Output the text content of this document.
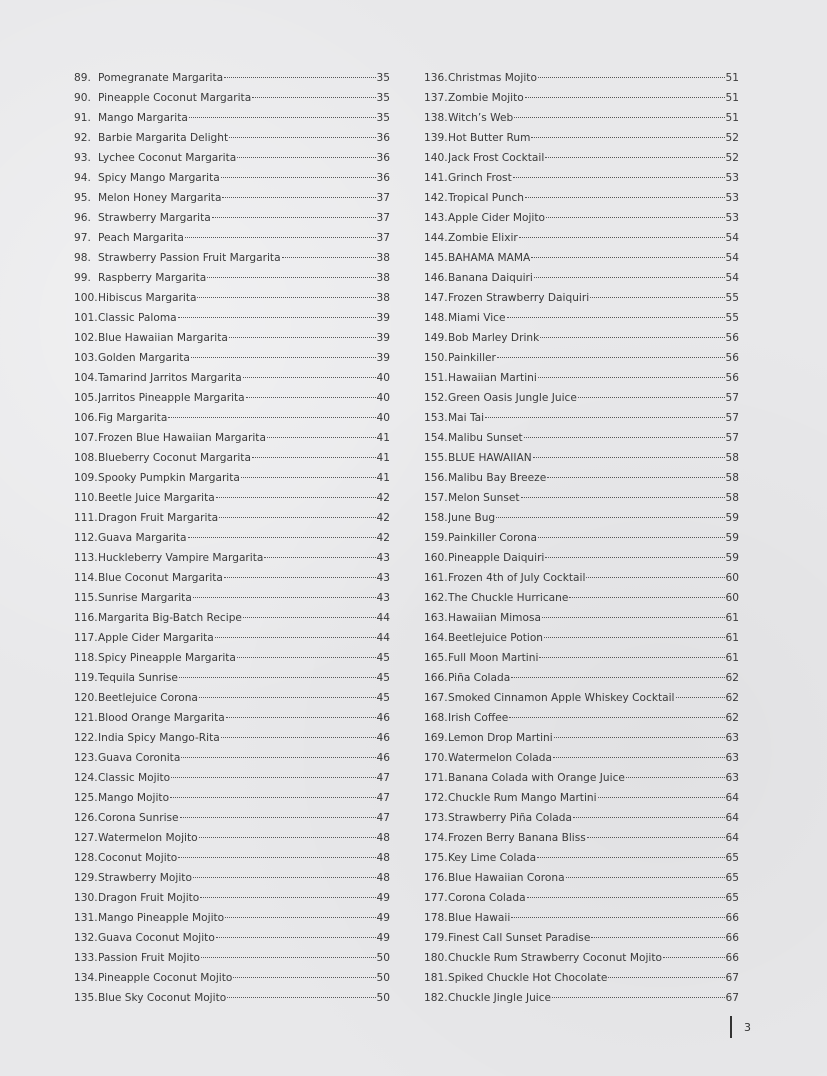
89. Pomegranate Margarita	35
90. Pineapple Coconut Margarita	35
91. Mango Margarita	35
92. Barbie Margarita Delight	36
93. Lychee Coconut Margarita	36
94. Spicy Mango Margarita	36
95. Melon Honey Margarita	37
96. Strawberry Margarita	37
97. Peach Margarita	37
98. Strawberry Passion Fruit Margarita	38
99. Raspberry Margarita	38
100. Hibiscus Margarita	38
101. Classic Paloma	39
102. Blue Hawaiian Margarita	39
103. Golden Margarita	39
104. Tamarind Jarritos Margarita	40
105. Jarritos Pineapple Margarita	40
106. Fig Margarita	40
107. Frozen Blue Hawaiian Margarita	41
108. Blueberry Coconut Margarita	41
109. Spooky Pumpkin Margarita	41
110. Beetle Juice Margarita	42
111. Dragon Fruit Margarita	42
112. Guava Margarita	42
113. Huckleberry Vampire Margarita	43
114. Blue Coconut Margarita	43
115. Sunrise Margarita	43
116. Margarita Big-Batch Recipe	44
117. Apple Cider Margarita	44
118. Spicy Pineapple Margarita	45
119. Tequila Sunrise	45
120. Beetlejuice Corona	45
121. Blood Orange Margarita	46
122. India Spicy Mango-Rita	46
123. Guava Coronita	46
124. Classic Mojito	47
125. Mango Mojito	47
126. Corona Sunrise	47
127. Watermelon Mojito	48
128. Coconut Mojito	48
129. Strawberry Mojito	48
130. Dragon Fruit Mojito	49
131. Mango Pineapple Mojito	49
132. Guava Coconut Mojito	49
133. Passion Fruit Mojito	50
134. Pineapple Coconut Mojito	50
135. Blue Sky Coconut Mojito	50
136. Christmas Mojito	51
137. Zombie Mojito	51
138. Witch’s Web	51
139. Hot Butter Rum	52
140. Jack Frost Cocktail	52
141. Grinch Frost	53
142. Tropical Punch	53
143. Apple Cider Mojito	53
144. Zombie Elixir	54
145. BAHAMA MAMA	54
146. Banana Daiquiri	54
147. Frozen Strawberry Daiquiri	55
148. Miami Vice	55
149. Bob Marley Drink	56
150. Painkiller	56
151. Hawaiian Martini	56
152. Green Oasis Jungle Juice	57
153. Mai Tai	57
154. Malibu Sunset	57
155. BLUE HAWAIIAN	58
156. Malibu Bay Breeze	58
157. Melon Sunset	58
158. June Bug	59
159. Painkiller Corona	59
160. Pineapple Daiquiri	59
161. Frozen 4th of July Cocktail	60
162. The Chuckle Hurricane	60
163. Hawaiian Mimosa	61
164. Beetlejuice Potion	61
165. Full Moon Martini	61
166. Piña Colada	62
167. Smoked Cinnamon Apple Whiskey Cocktail	62
168. Irish Coffee	62
169. Lemon Drop Martini	63
170. Watermelon Colada	63
171. Banana Colada with Orange Juice	63
172. Chuckle Rum Mango Martini	64
173. Strawberry Piña Colada	64
174. Frozen Berry Banana Bliss	64
175. Key Lime Colada	65
176. Blue Hawaiian Corona	65
177. Corona Colada	65
178. Blue Hawaii	66
179. Finest Call Sunset Paradise	66
180. Chuckle Rum Strawberry Coconut Mojito	66
181. Spiked Chuckle Hot Chocolate	67
182. Chuckle Jingle Juice	67
3
